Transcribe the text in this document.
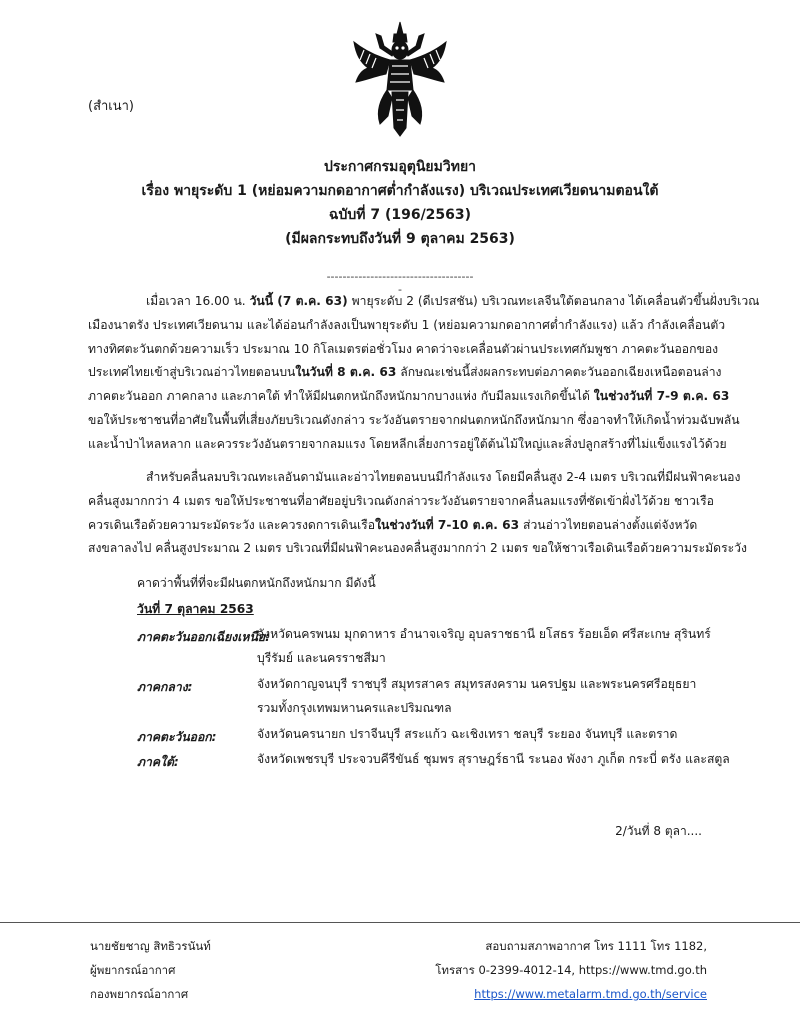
(สำเนา)
ประกาศกรมอุตุนิยมวิทยา
เรื่อง พายุระดับ 1 (หย่อมความกดอากาศต่ำกำลังแรง) บริเวณประเทศเวียดนามตอนใต้
ฉบับที่ 7 (196/2563)
(มีผลกระทบถึงวันที่ 9 ตุลาคม 2563)
--------------------------------------
เมื่อเวลา 16.00 น. วันนี้ (7 ต.ค. 63) พายุระดับ 2 (ดีเปรสชัน) บริเวณทะเลจีนใต้ตอนกลาง ได้เคลื่อนตัวขึ้นฝั่งบริเวณ
เมืองนาตรัง ประเทศเวียดนาม และได้อ่อนกำลังลงเป็นพายุระดับ 1 (หย่อมความกดอากาศต่ำกำลังแรง) แล้ว กำลังเคลื่อนตัว
ทางทิศตะวันตกด้วยความเร็ว ประมาณ 10 กิโลเมตรต่อชั่วโมง คาดว่าจะเคลื่อนตัวผ่านประเทศกัมพูชา ภาคตะวันออกของ
ประเทศไทยเข้าสู่บริเวณอ่าวไทยตอนบนในวันที่ 8 ต.ค. 63 ลักษณะเช่นนี้ส่งผลกระทบต่อภาคตะวันออกเฉียงเหนือตอนล่าง
ภาคตะวันออก ภาคกลาง และภาคใต้ ทำให้มีฝนตกหนักถึงหนักมากบางแห่ง กับมีลมแรงเกิดขึ้นได้ ในช่วงวันที่ 7-9 ต.ค. 63
ขอให้ประชาชนที่อาศัยในพื้นที่เสี่ยงภัยบริเวณดังกล่าว ระวังอันตรายจากฝนตกหนักถึงหนักมาก ซึ่งอาจทำให้เกิดน้ำท่วมฉับพลัน
และน้ำป่าไหลหลาก และควรระวังอันตรายจากลมแรง โดยหลีกเลี่ยงการอยู่ใต้ต้นไม้ใหญ่และสิ่งปลูกสร้างที่ไม่แข็งแรงไว้ด้วย
สำหรับคลื่นลมบริเวณทะเลอันดามันและอ่าวไทยตอนบนมีกำลังแรง โดยมีคลื่นสูง 2-4 เมตร บริเวณที่มีฝนฟ้าคะนอง
คลื่นสูงมากกว่า 4 เมตร ขอให้ประชาชนที่อาศัยอยู่บริเวณดังกล่าวระวังอันตรายจากคลื่นลมแรงที่ซัดเข้าฝั่งไว้ด้วย ชาวเรือ
ควรเดินเรือด้วยความระมัดระวัง และควรงดการเดินเรือในช่วงวันที่ 7-10 ต.ค. 63 ส่วนอ่าวไทยตอนล่างตั้งแต่จังหวัด
สงขลาลงไป คลื่นสูงประมาณ 2 เมตร บริเวณที่มีฝนฟ้าคะนองคลื่นสูงมากกว่า 2 เมตร ขอให้ชาวเรือเดินเรือด้วยความระมัดระวัง
คาดว่าพื้นที่ที่จะมีฝนตกหนักถึงหนักมาก มีดังนี้
วันที่ 7 ตุลาคม 2563
ภาคตะวันออกเฉียงเหนือ:
จังหวัดนครพนม มุกดาหาร อำนาจเจริญ อุบลราชธานี ยโสธร ร้อยเอ็ด ศรีสะเกษ สุรินทร์
บุรีรัมย์ และนครราชสีมา
ภาคกลาง:	จังหวัดกาญจนบุรี ราชบุรี สมุทรสาคร สมุทรสงคราม นครปฐม และพระนครศรีอยุธยา
รวมทั้งกรุงเทพมหานครและปริมณฑล
ภาคตะวันออก:	จังหวัดนครนายก ปราจีนบุรี สระแก้ว ฉะเชิงเทรา ชลบุรี ระยอง จันทบุรี และตราด
ภาคใต้:	จังหวัดเพชรบุรี ประจวบคีรีขันธ์ ชุมพร สุราษฎร์ธานี ระนอง พังงา ภูเก็ต กระบี่ ตรัง และสตูล
2/วันที่ 8 ตุลา....
นายชัยชาญ สิทธิวรนันท์
ผู้พยากรณ์อากาศ
กองพยากรณ์อากาศ
สอบถามสภาพอากาศ โทร 1111 โทร 1182,
โทรสาร 0-2399-4012-14, https://www.tmd.go.th
https://www.metalarm.tmd.go.th/service
